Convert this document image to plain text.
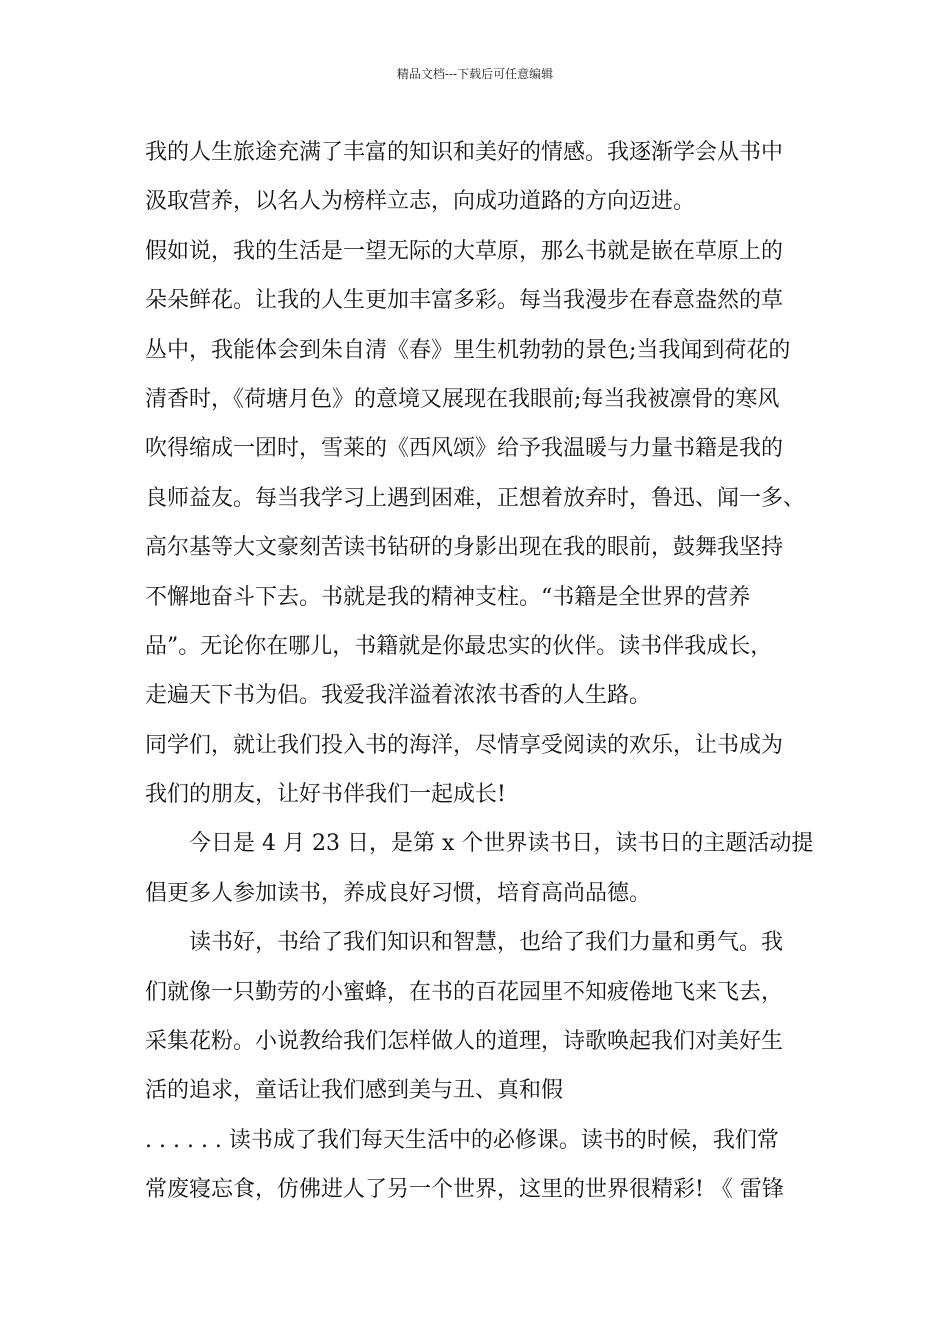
精品文档---下载后可任意编辑
我的人生旅途充满了丰富的知识和美好的情感。我逐渐学会从书中
汲取营养，以名人为榜样立志，向成功道路的方向迈进。
假如说，我的生活是一望无际的大草原，那么书就是嵌在草原上的
朵朵鲜花。让我的人生更加丰富多彩。每当我漫步在春意盎然的草
丛中，我能体会到朱自清《春》里生机勃勃的景色;当我闻到荷花的
清香时，《荷塘月色》的意境又展现在我眼前;每当我被凛骨的寒风
吹得缩成一团时，雪莱的《西风颂》给予我温暖与力量书籍是我的
良师益友。每当我学习上遇到困难，正想着放弃时，鲁迅、闻一多、
高尔基等大文豪刻苦读书钻研的身影出现在我的眼前，鼓舞我坚持
不懈地奋斗下去。书就是我的精神支柱。“书籍是全世界的营养
品”。无论你在哪儿，书籍就是你最忠实的伙伴。读书伴我成长，
走遍天下书为侣。我爱我洋溢着浓浓书香的人生路。
同学们，就让我们投入书的海洋，尽情享受阅读的欢乐，让书成为
我们的朋友，让好书伴我们一起成长!
今日是 4 月 23 日，是第 x 个世界读书日，读书日的主题活动提
倡更多人参加读书，养成良好习惯，培育高尚品德。
读书好，书给了我们知识和智慧，也给了我们力量和勇气。我
们就像一只勤劳的小蜜蜂，在书的百花园里不知疲倦地飞来飞去，
采集花粉。小说教给我们怎样做人的道理，诗歌唤起我们对美好生
活的追求，童话让我们感到美与丑、真和假
. . . . . . 读书成了我们每天生活中的必修课。读书的时候，我们常
常废寝忘食，仿佛进人了另一个世界，这里的世界很精彩! 《 雷锋
